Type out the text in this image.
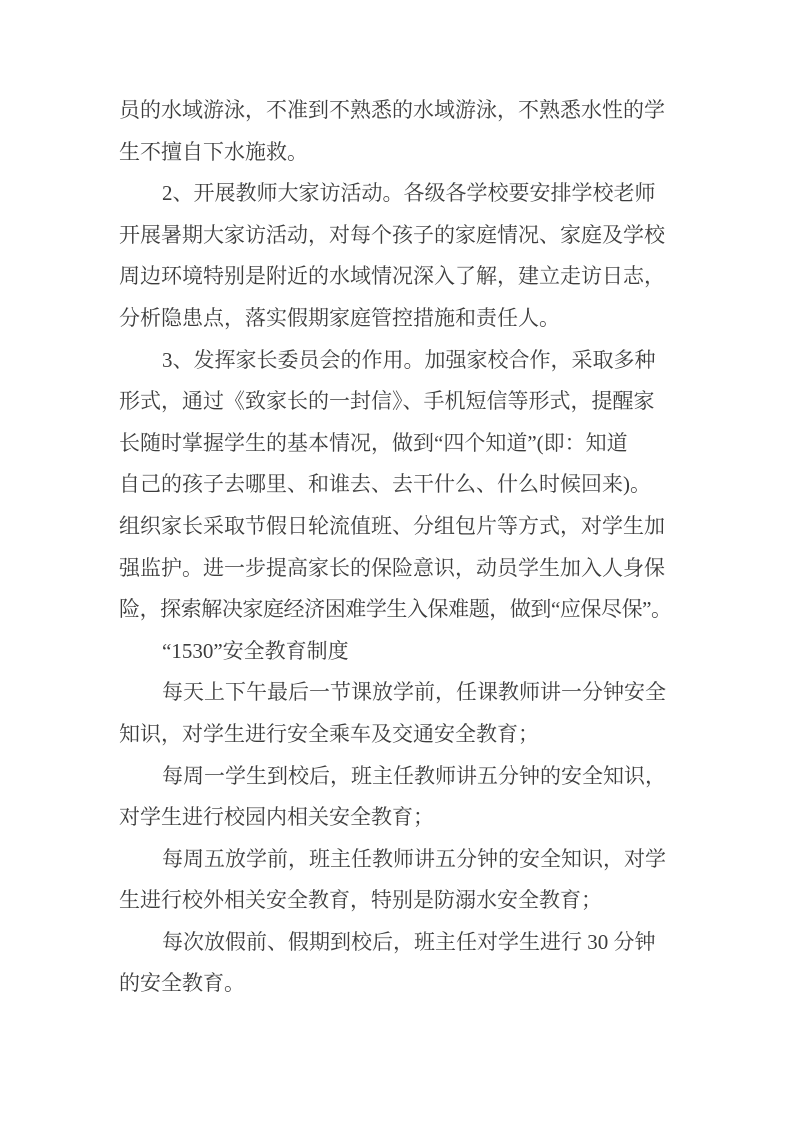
员的水域游泳，不准到不熟悉的水域游泳，不熟悉水性的学
生不擅自下水施救。
2、开展教师大家访活动。各级各学校要安排学校老师
开展暑期大家访活动，对每个孩子的家庭情况、家庭及学校
周边环境特别是附近的水域情况深入了解，建立走访日志，
分析隐患点，落实假期家庭管控措施和责任人。
3、发挥家长委员会的作用。加强家校合作，采取多种
形式，通过《致家长的一封信》、手机短信等形式，提醒家
长随时掌握学生的基本情况，做到“四个知道”(即：知道
自己的孩子去哪里、和谁去、去干什么、什么时候回来)。
组织家长采取节假日轮流值班、分组包片等方式，对学生加
强监护。进一步提高家长的保险意识，动员学生加入人身保
险，探索解决家庭经济困难学生入保难题，做到“应保尽保”。
“1530”安全教育制度
每天上下午最后一节课放学前，任课教师讲一分钟安全
知识，对学生进行安全乘车及交通安全教育；
每周一学生到校后，班主任教师讲五分钟的安全知识，
对学生进行校园内相关安全教育；
每周五放学前，班主任教师讲五分钟的安全知识，对学
生进行校外相关安全教育，特别是防溺水安全教育；
每次放假前、假期到校后，班主任对学生进行 30 分钟
的安全教育。
